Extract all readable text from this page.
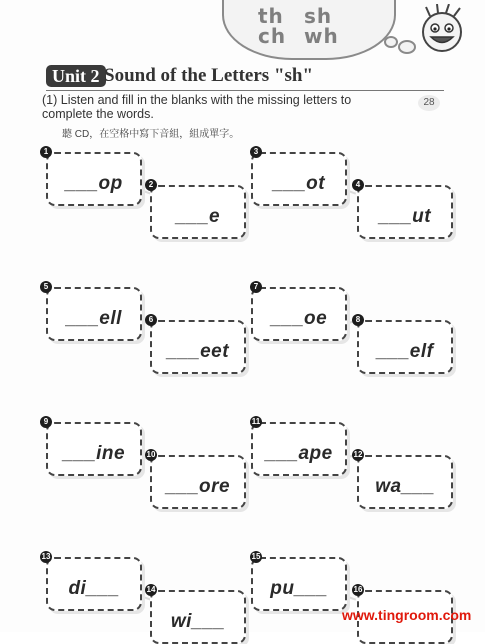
th sh
ch wh
Unit 2 Sound of the Letters "sh"
(1) Listen and fill in the blanks with the missing letters to complete the words.
聽 CD，在空格中寫下音組，組成單字。
28
___op
1
___e
2	___ot
3
___ut
4
___ell
5
___eet
6	___oe
7
___elf
8
___ine
9
___ore
10	___ape
11
wa___
12
di___
13
wi___
14	pu___
15
16
www.tingroom.com
